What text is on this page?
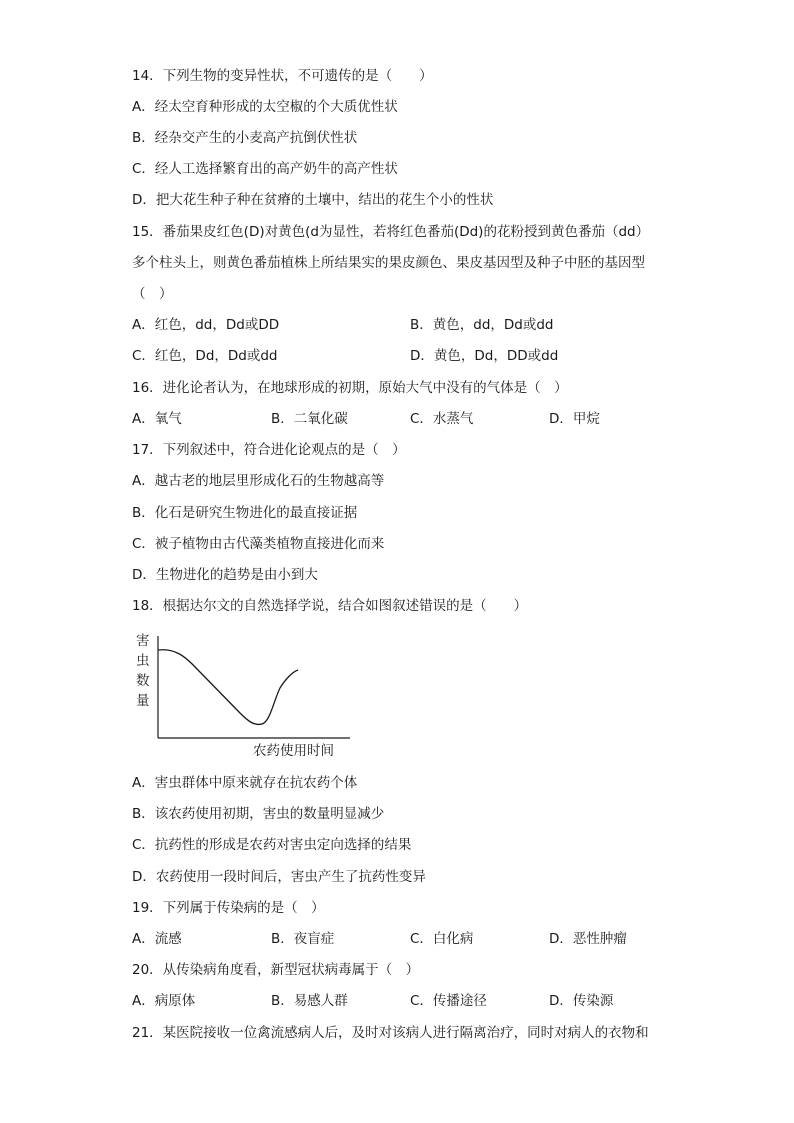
14．下列生物的变异性状，不可遗传的是（　　）
A．经太空育种形成的太空椒的个大质优性状
B．经杂交产生的小麦高产抗倒伏性状
C．经人工选择繁育出的高产奶牛的高产性状
D．把大花生种子种在贫瘠的土壤中，结出的花生个小的性状
15．番茄果皮红色(D)对黄色(d为显性，若将红色番茄(Dd)的花粉授到黄色番茄（dd）
多个柱头上，则黄色番茄植株上所结果实的果皮颜色、果皮基因型及种子中胚的基因型
（　）
A．红色，dd，Dd或DD	B．黄色，dd，Dd或dd
C．红色，Dd，Dd或dd	D．黄色，Dd，DD或dd
16．进化论者认为，在地球形成的初期，原始大气中没有的气体是（　）
A．氧气	B．二氧化碳	C．水蒸气	D．甲烷
17．下列叙述中，符合进化论观点的是（　）
A．越古老的地层里形成化石的生物越高等
B．化石是研究生物进化的最直接证据
C．被子植物由古代藻类植物直接进化而来
D．生物进化的趋势是由小到大
18．根据达尔文的自然选择学说，结合如图叙述错误的是（　　）
害
虫
数
量
农药使用时间
A．害虫群体中原来就存在抗农药个体
B．该农药使用初期，害虫的数量明显减少
C．抗药性的形成是农药对害虫定向选择的结果
D．农药使用一段时间后，害虫产生了抗药性变异
19．下列属于传染病的是（　）
A．流感	B．夜盲症	C．白化病	D．恶性肿瘤
20．从传染病角度看，新型冠状病毒属于（　）
A．病原体	B．易感人群	C．传播途径	D．传染源
21．某医院接收一位禽流感病人后，及时对该病人进行隔离治疗，同时对病人的衣物和
